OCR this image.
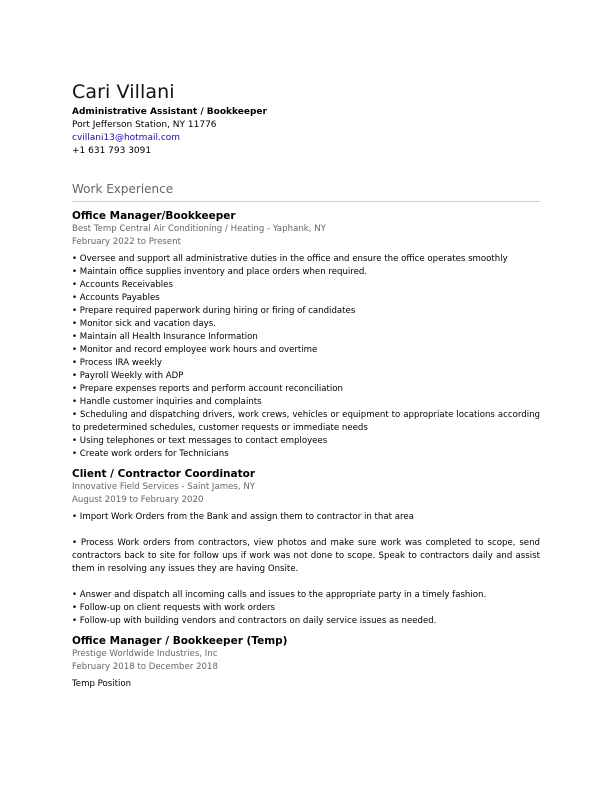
Cari Villani
Administrative Assistant / Bookkeeper
Port Jefferson Station, NY 11776
cvillani13@hotmail.com
+1 631 793 3091
Work Experience
Office Manager/Bookkeeper
Best Temp Central Air Conditioning / Heating - Yaphank, NY
February 2022 to Present

• Oversee and support all administrative duties in the office and ensure the office operates smoothly

• Maintain office supplies inventory and place orders when required.

• Accounts Receivables

• Accounts Payables

• Prepare required paperwork during hiring or firing of candidates

• Monitor sick and vacation days.

• Maintain all Health Insurance Information

• Monitor and record employee work hours and overtime

• Process IRA weekly

• Payroll Weekly with ADP

• Prepare expenses reports and perform account reconciliation

• Handle customer inquiries and complaints

• Scheduling and dispatching drivers, work crews, vehicles or equipment to appropriate locations according to predetermined schedules, customer requests or immediate needs

• Using telephones or text messages to contact employees

• Create work orders for Technicians

Client / Contractor Coordinator
Innovative Field Services - Saint James, NY
August 2019 to February 2020

• Import Work Orders from the Bank and assign them to contractor in that area

• Process Work orders from contractors, view photos and make sure work was completed to scope, send contractors back to site for follow ups if work was not done to scope. Speak to contractors daily and assist them in resolving any issues they are having Onsite.

• Answer and dispatch all incoming calls and issues to the appropriate party in a timely fashion.

• Follow-up on client requests with work orders

• Follow-up with building vendors and contractors on daily service issues as needed.

Office Manager / Bookkeeper (Temp)
Prestige Worldwide Industries, Inc
February 2018 to December 2018

Temp Position
